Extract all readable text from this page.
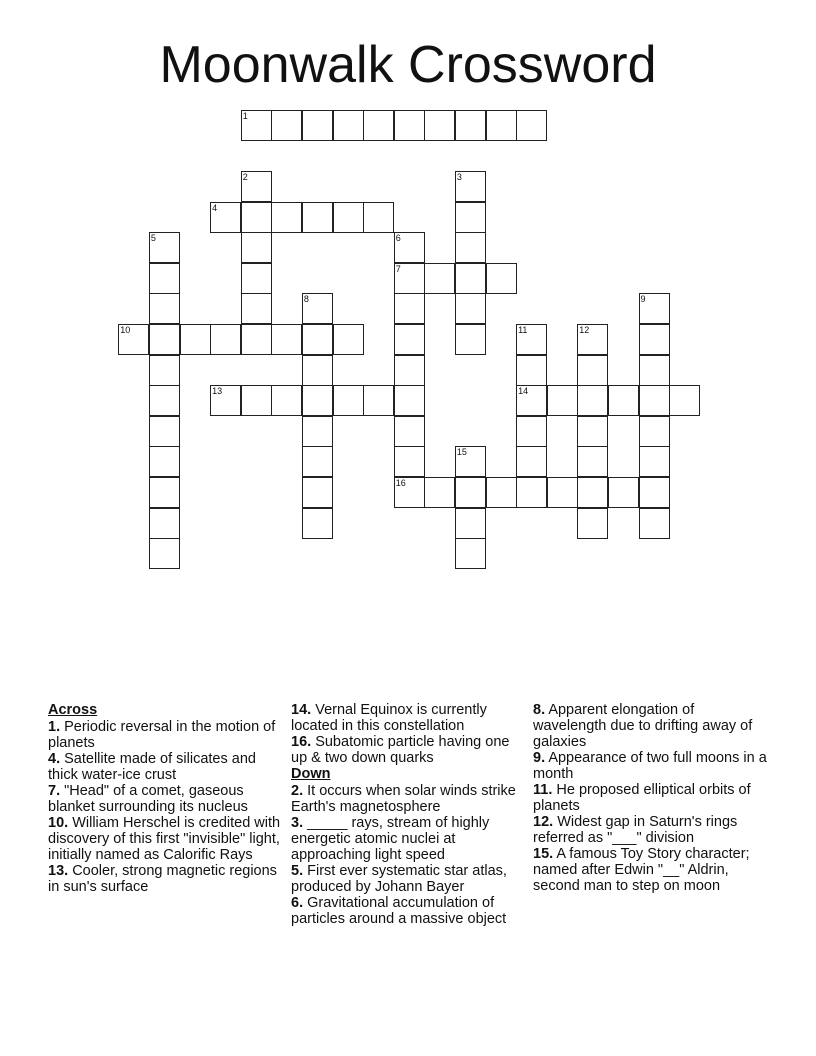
Moonwalk Crossword
1
2	3
4
5	6
7
8	9
10	11	12
13	14
15
16
Across
1. Periodic reversal in the motion of planets
4. Satellite made of silicates and thick water-ice crust
7. "Head" of a comet, gaseous blanket surrounding its nucleus
10. William Herschel is credited with discovery of this first "invisible" light, initially named as Calorific Rays
13. Cooler, strong magnetic regions in sun's surface
14. Vernal Equinox is currently located in this constellation
16. Subatomic particle having one up & two down quarks
Down
2. It occurs when solar winds strike Earth's magnetosphere
3. _____ rays, stream of highly energetic atomic nuclei at approaching light speed
5. First ever systematic star atlas, produced by Johann Bayer
6. Gravitational accumulation of particles around a massive object
8. Apparent elongation of wavelength due to drifting away of galaxies
9. Appearance of two full moons in a month
11. He proposed elliptical orbits of planets
12. Widest gap in Saturn's rings referred as "___" division
15. A famous Toy Story character; named after Edwin "__" Aldrin, second man to step on moon
